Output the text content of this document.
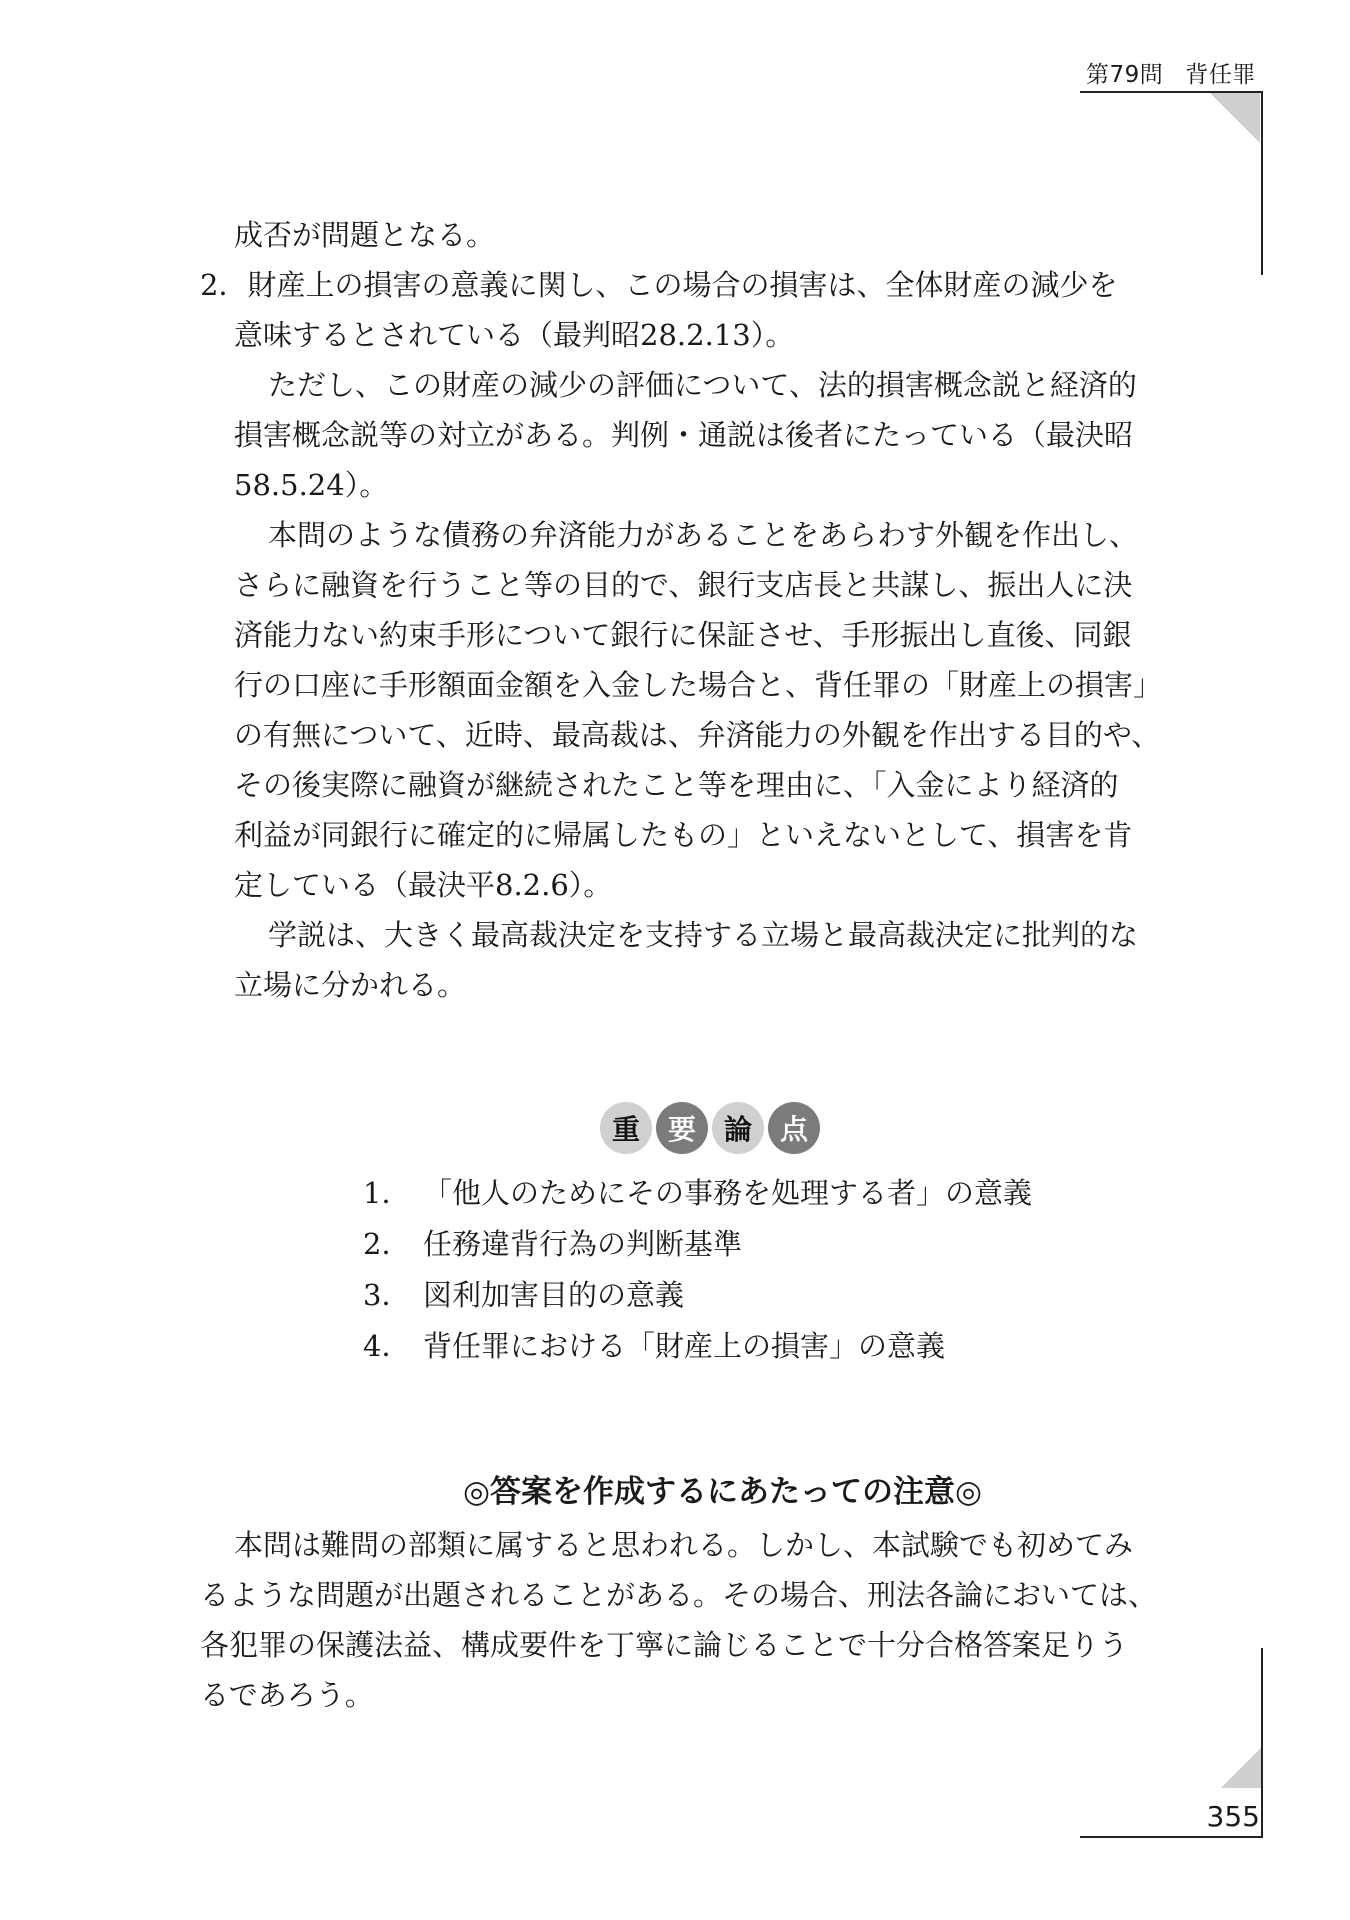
第79問 背任罪

成否が問題となる。

2．財産上の損害の意義に関し、この場合の損害は、全体財産の減少を

意味するとされている（最判昭28.2.13）。

ただし、この財産の減少の評価について、法的損害概念説と経済的

損害概念説等の対立がある。判例・通説は後者にたっている（最決昭

58.5.24）。

本問のような債務の弁済能力があることをあらわす外観を作出し、

さらに融資を行うこと等の目的で、銀行支店長と共謀し、振出人に決

済能力ない約束手形について銀行に保証させ、手形振出し直後、同銀

行の口座に手形額面金額を入金した場合と、背任罪の「財産上の損害」

の有無について、近時、最高裁は、弁済能力の外観を作出する目的や、

その後実際に融資が継続されたこと等を理由に、「入金により経済的

利益が同銀行に確定的に帰属したもの」といえないとして、損害を肯

定している（最決平8.2.6）。

学説は、大きく最高裁決定を支持する立場と最高裁決定に批判的な

立場に分かれる。

重 要 論 点
1． 「他人のためにその事務を処理する者」の意義
2． 任務違背行為の判断基準
3． 図利加害目的の意義
4． 背任罪における「財産上の損害」の意義
◎答案を作成するにあたっての注意◎

本問は難問の部類に属すると思われる。しかし、本試験でも初めてみ

るような問題が出題されることがある。その場合、刑法各論においては、

各犯罪の保護法益、構成要件を丁寧に論じることで十分合格答案足りう

るであろう。

355
